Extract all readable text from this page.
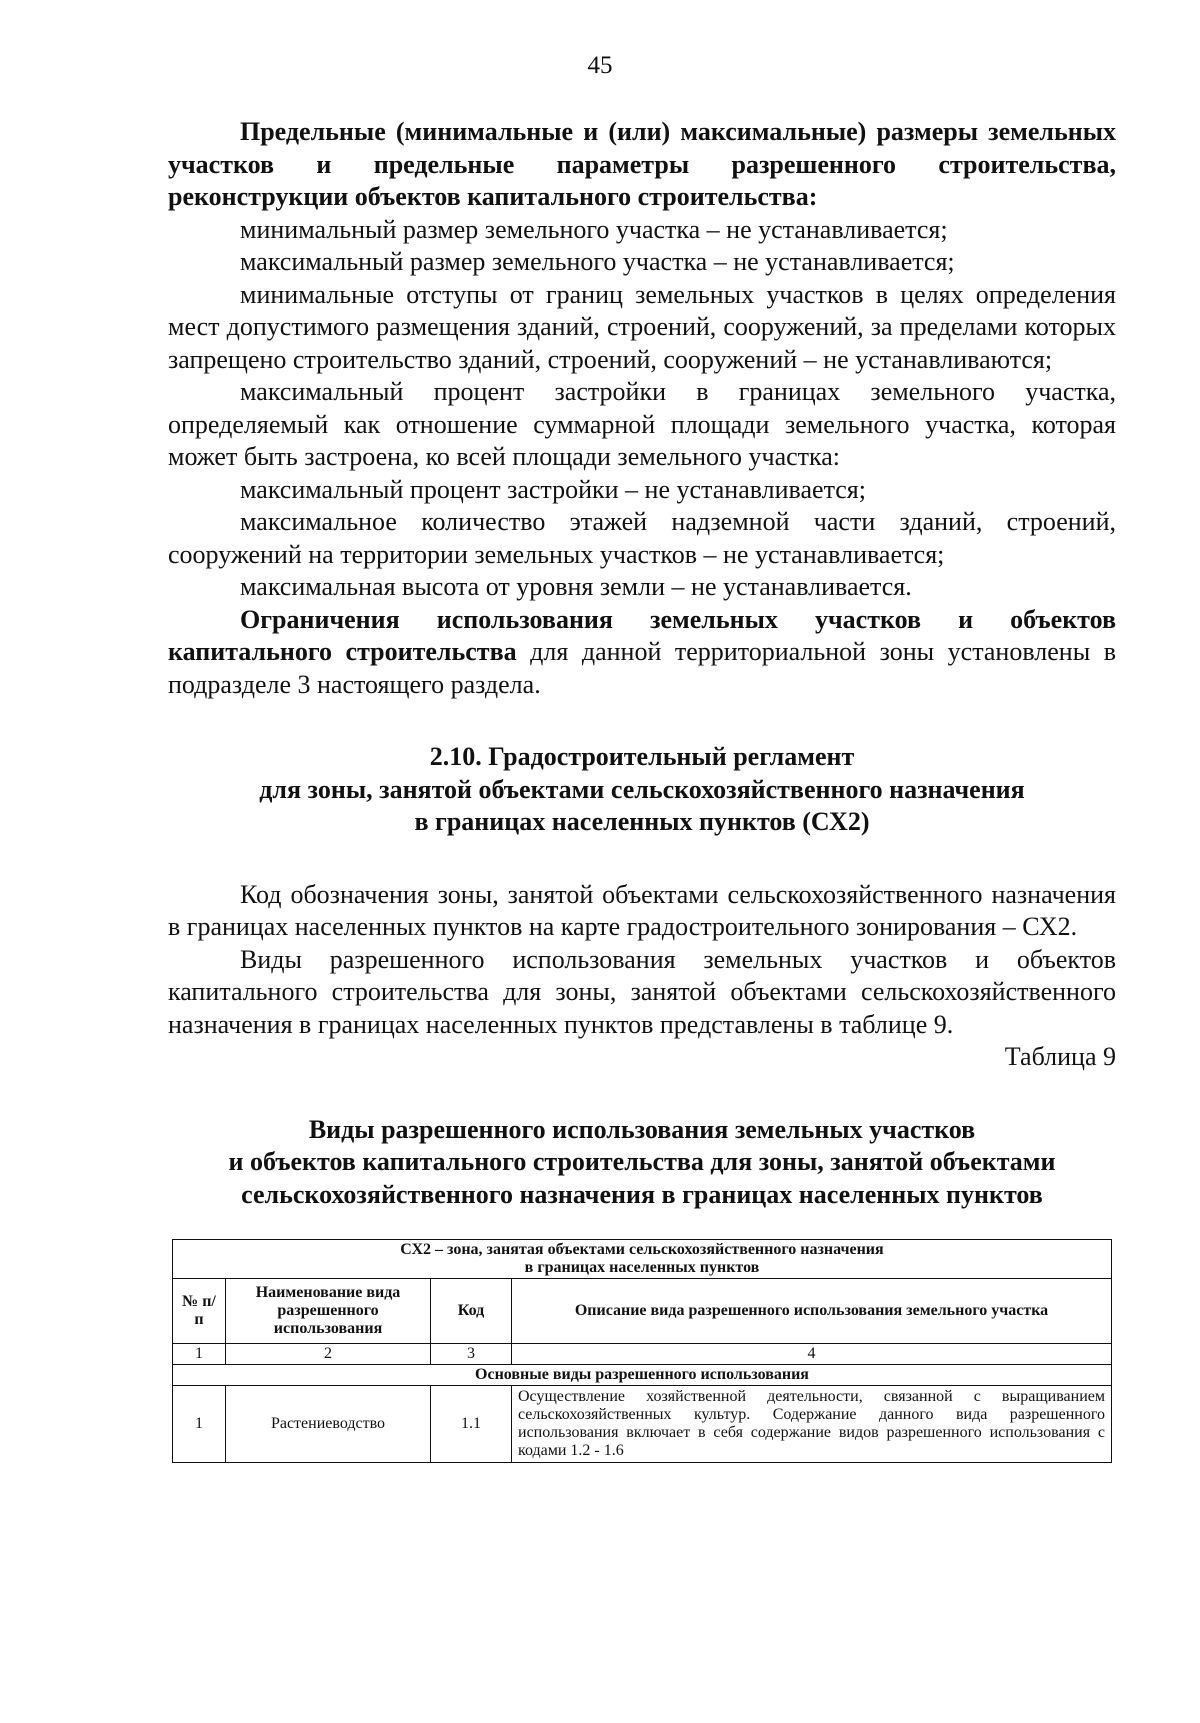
45

Предельные (минимальные и (или) максимальные) размеры земельных участков и предельные параметры разрешенного строительства, реконструкции объектов капитального строительства:

минимальный размер земельного участка – не устанавливается;

максимальный размер земельного участка – не устанавливается;

минимальные отступы от границ земельных участков в целях определения мест допустимого размещения зданий, строений, сооружений, за пределами которых запрещено строительство зданий, строений, сооружений – не устанавливаются;

максимальный процент застройки в границах земельного участка, определяемый как отношение суммарной площади земельного участка, которая может быть застроена, ко всей площади земельного участка:

максимальный процент застройки – не устанавливается;

максимальное количество этажей надземной части зданий, строений, сооружений на территории земельных участков – не устанавливается;

максимальная высота от уровня земли – не устанавливается.

Ограничения использования земельных участков и объектов капитального строительства для данной территориальной зоны установлены в подразделе 3 настоящего раздела.

2.10. Градостроительный регламент

для зоны, занятой объектами сельскохозяйственного назначения

в границах населенных пунктов (СХ2)

Код обозначения зоны, занятой объектами сельскохозяйственного назначения в границах населенных пунктов на карте градостроительного зонирования – СХ2.

Виды разрешенного использования земельных участков и объектов капитального строительства для зоны, занятой объектами сельскохозяйственного назначения в границах населенных пунктов представлены в таблице 9.

Таблица 9

Виды разрешенного использования земельных участков

и объектов капитального строительства для зоны, занятой объектами

сельскохозяйственного назначения в границах населенных пунктов

СХ2 – зона, занятая объектами сельскохозяйственного назначения
в границах населенных пунктов			

№ п/п	Наименование вида разрешенного использования	Код	Описание вида разрешенного использования земельного участка
1	2	3	4
Основные виды разрешенного использования			
1	Растениеводство	1.1	Осуществление хозяйственной деятельности, связанной с выращиванием сельскохозяйственных культур. Содержание данного вида разрешенного использования включает в себя содержание видов разрешенного использования с кодами 1.2 - 1.6
